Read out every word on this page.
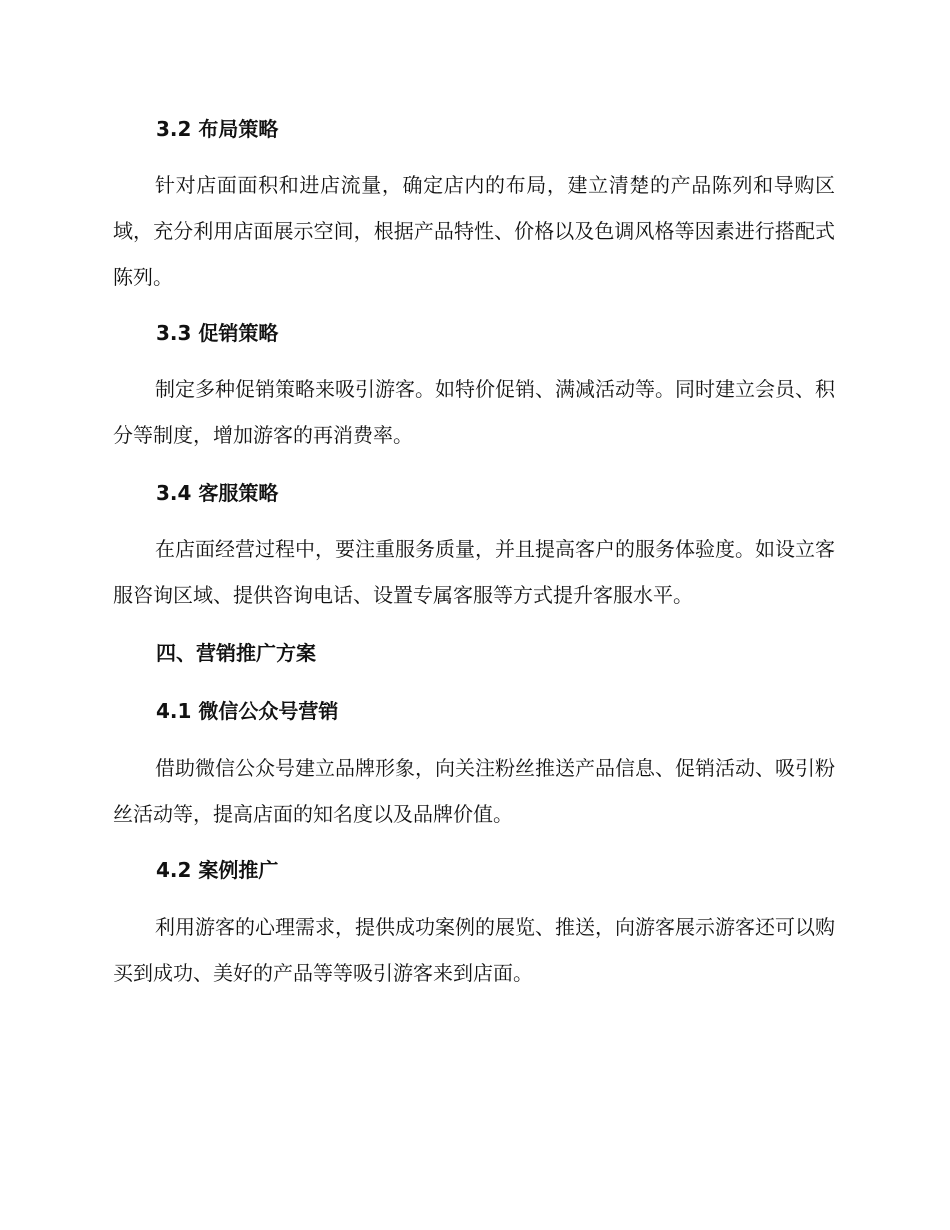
3.2 布局策略

针对店面面积和进店流量，确定店内的布局，建立清楚的产品陈列和导购区域，充分利用店面展示空间，根据产品特性、价格以及色调风格等因素进行搭配式陈列。

3.3 促销策略

制定多种促销策略来吸引游客。如特价促销、满减活动等。同时建立会员、积分等制度，增加游客的再消费率。

3.4 客服策略

在店面经营过程中，要注重服务质量，并且提高客户的服务体验度。如设立客服咨询区域、提供咨询电话、设置专属客服等方式提升客服水平。

四、营销推广方案
4.1 微信公众号营销

借助微信公众号建立品牌形象，向关注粉丝推送产品信息、促销活动、吸引粉丝活动等，提高店面的知名度以及品牌价值。

4.2 案例推广

利用游客的心理需求，提供成功案例的展览、推送，向游客展示游客还可以购买到成功、美好的产品等等吸引游客来到店面。
